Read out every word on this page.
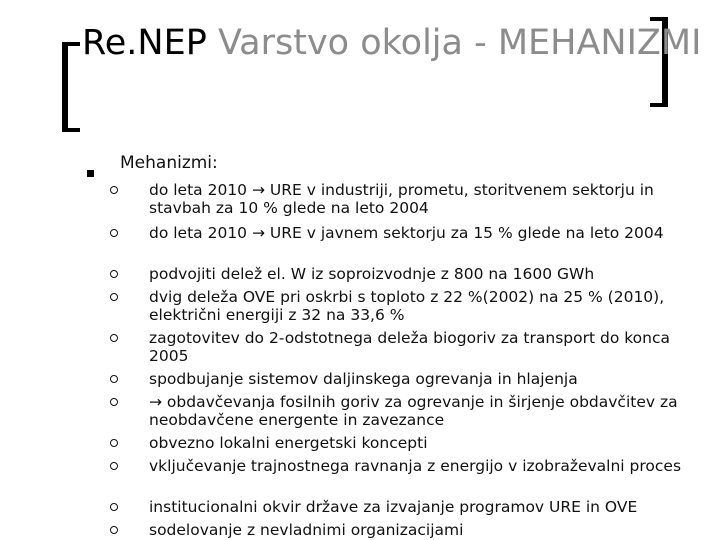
Re.NEP Varstvo okolja - MEHANIZMI
Mehanizmi:
do leta 2010 → URE v industriji, prometu, storitvenem sektorju in stavbah za 10 % glede na leto 2004
do leta 2010 → URE v javnem sektorju za 15 % glede na leto 2004
podvojiti delež el. W iz soproizvodnje z 800 na 1600 GWh
dvig deleža OVE pri oskrbi s toploto z 22 %(2002) na 25 % (2010), električni energiji z 32 na 33,6 %
zagotovitev do 2-odstotnega deleža biogoriv za transport do konca 2005
spodbujanje sistemov daljinskega ogrevanja in hlajenja
→ obdavčevanja fosilnih goriv za ogrevanje in širjenje obdavčitev za neobdavčene energente in zavezance
obvezno lokalni energetski koncepti
vključevanje trajnostnega ravnanja z energijo v izobraževalni proces
institucionalni okvir države za izvajanje programov URE in OVE
sodelovanje z nevladnimi organizacijami
